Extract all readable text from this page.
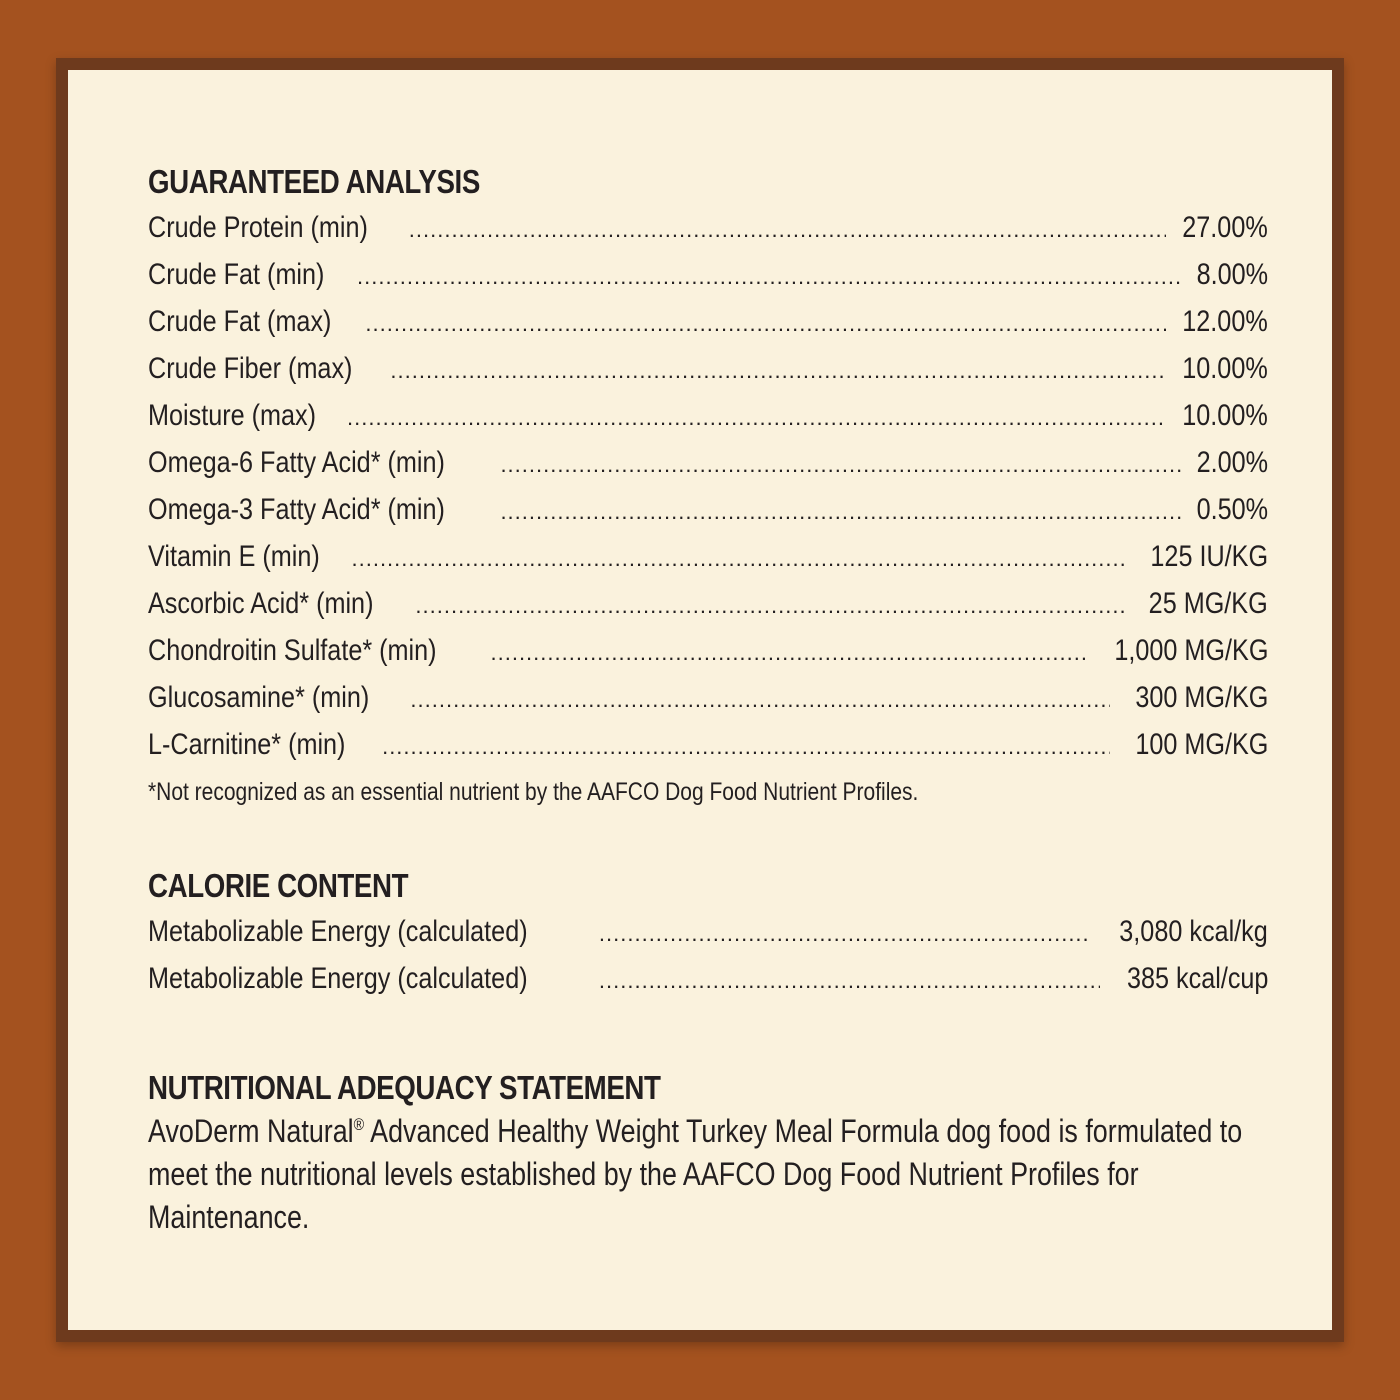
GUARANTEED ANALYSIS
Crude Protein (min) .....	27.00%
Crude Fat (min) .....	8.00%
Crude Fat (max) .....	12.00%
Crude Fiber (max) .....	10.00%
Moisture (max) .....	10.00%
Omega-6 Fatty Acid* (min) .....	2.00%
Omega-3 Fatty Acid* (min) .....	0.50%
Vitamin E (min) .....	125 IU/KG
Ascorbic Acid* (min) .....	25 MG/KG
Chondroitin Sulfate* (min) .....	1,000 MG/KG
Glucosamine* (min) .....	300 MG/KG
L-Carnitine* (min) .....	100 MG/KG
*Not recognized as an essential nutrient by the AAFCO Dog Food Nutrient Profiles.
CALORIE CONTENT
Metabolizable Energy (calculated) .....	3,080 kcal/kg
Metabolizable Energy (calculated) .....	385 kcal/cup
NUTRITIONAL ADEQUACY STATEMENT
AvoDerm Natural® Advanced Healthy Weight Turkey Meal Formula dog food is formulated to meet the nutritional levels established by the AAFCO Dog Food Nutrient Profiles for Maintenance.
